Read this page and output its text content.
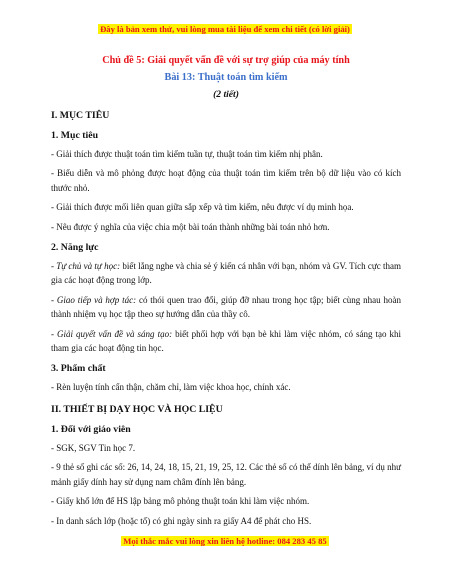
Đây là bản xem thử, vui lòng mua tài liệu để xem chi tiết (có lời giải)

Chủ đề 5: Giải quyết vấn đề với sự trợ giúp của máy tính

Bài 13: Thuật toán tìm kiếm

(2 tiết)

I. MỤC TIÊU
1. Mục tiêu

- Giải thích được thuật toán tìm kiếm tuần tự, thuật toán tìm kiếm nhị phân.

- Biểu diễn và mô phỏng được hoạt động của thuật toán tìm kiếm trên bộ dữ liệu vào có kích thước nhỏ.

- Giải thích được mối liên quan giữa sắp xếp và tìm kiếm, nêu được ví dụ minh họa.

- Nêu được ý nghĩa của việc chia một bài toán thành những bài toán nhỏ hơn.

2. Năng lực

- Tự chủ và tự học: biết lắng nghe và chia sẻ ý kiến cá nhân với bạn, nhóm và GV. Tích cực tham gia các hoạt động trong lớp.

- Giao tiếp và hợp tác: có thói quen trao đổi, giúp đỡ nhau trong học tập; biết cùng nhau hoàn thành nhiệm vụ học tập theo sự hướng dẫn của thầy cô.

- Giải quyết vấn đề và sáng tạo: biết phối hợp với bạn bè khi làm việc nhóm, có sáng tạo khi tham gia các hoạt động tin học.

3. Phẩm chất

- Rèn luyện tính cẩn thận, chăm chỉ, làm việc khoa học, chính xác.

II. THIẾT BỊ DẠY HỌC VÀ HỌC LIỆU
1. Đối với giáo viên

- SGK, SGV Tin học 7.

- 9 thẻ số ghi các số: 26, 14, 24, 18, 15, 21, 19, 25, 12. Các thẻ số có thể dính lên bảng, ví dụ như mảnh giấy dính hay sử dụng nam châm đính lên bảng.

- Giấy khổ lớn để HS lập bảng mô phỏng thuật toán khi làm việc nhóm.

- In danh sách lớp (hoặc tổ) có ghi ngày sinh ra giấy A4 để phát cho HS.

Mọi thắc mắc vui lòng xin liên hệ hotline: 084 283 45 85
